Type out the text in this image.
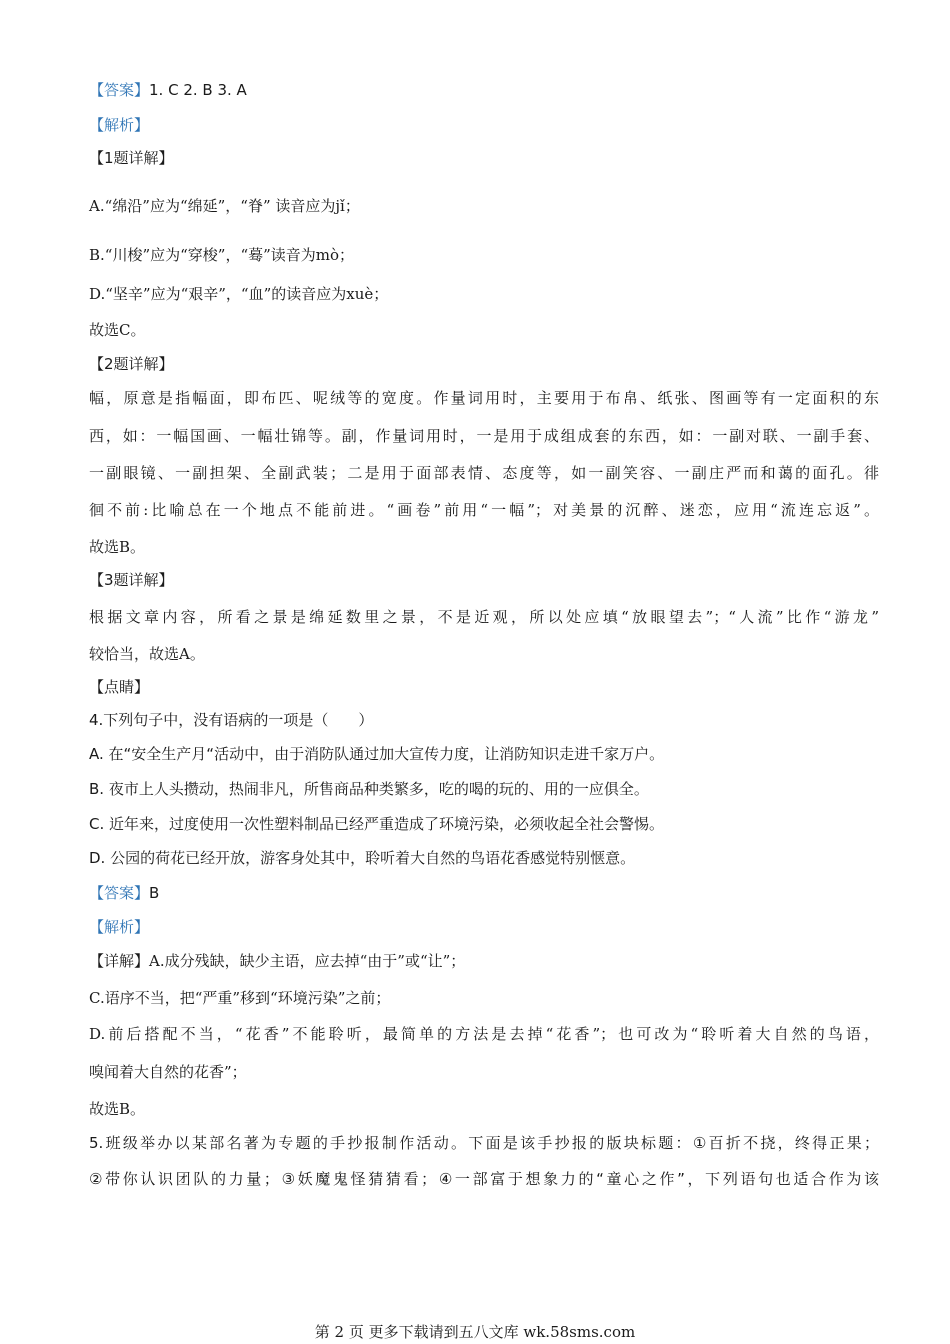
【答案】1. C 2. B 3. A
【解析】
【1题详解】
A.“绵沿”应为“绵延”，“脊” 读音应为jǐ；
B.“川梭”应为“穿梭”，“蓦”读音为mò；
D.“坚辛”应为“艰辛”，“血”的读音应为xuè；
故选C。
【2题详解】
幅，原意是指幅面，即布匹、呢绒等的宽度。作量词用时，主要用于布帛、纸张、图画等有一定面积的东
西，如：一幅国画、一幅壮锦等。副，作量词用时，一是用于成组成套的东西，如：一副对联、一副手套、
一副眼镜、一副担架、全副武装；二是用于面部表情、态度等，如一副笑容、一副庄严而和蔼的面孔。徘
徊不前:比喻总在一个地点不能前进。“画卷”前用“一幅”；对美景的沉醉、迷恋，应用“流连忘返”。
故选B。
【3题详解】
根据文章内容，所看之景是绵延数里之景，不是近观，所以处应填“放眼望去”；“人流”比作“游龙”
较恰当，故选A。
【点睛】
4.下列句子中，没有语病的一项是（　　）
A. 在“安全生产月“活动中，由于消防队通过加大宣传力度，让消防知识走进千家万户。
B. 夜市上人头攒动，热闹非凡，所售商品种类繁多，吃的喝的玩的、用的一应俱全。
C. 近年来，过度使用一次性塑料制品已经严重造成了环境污染，必须收起全社会警惕。
D. 公园的荷花已经开放，游客身处其中，聆听着大自然的鸟语花香感觉特别惬意。
【答案】B
【解析】
【详解】A.成分残缺，缺少主语，应去掉“由于”或“让”；
C.语序不当，把“严重”移到“环境污染”之前；
D.前后搭配不当，“花香”不能聆听，最简单的方法是去掉“花香”；也可改为“聆听着大自然的鸟语，
嗅闻着大自然的花香”；
故选B。
5.班级举办以某部名著为专题的手抄报制作活动。下面是该手抄报的版块标题：①百折不挠，终得正果；
②带你认识团队的力量；③妖魔鬼怪猜猜看；④一部富于想象力的“童心之作”，下列语句也适合作为该
第 2 页 更多下载请到五八文库 wk.58sms.com
